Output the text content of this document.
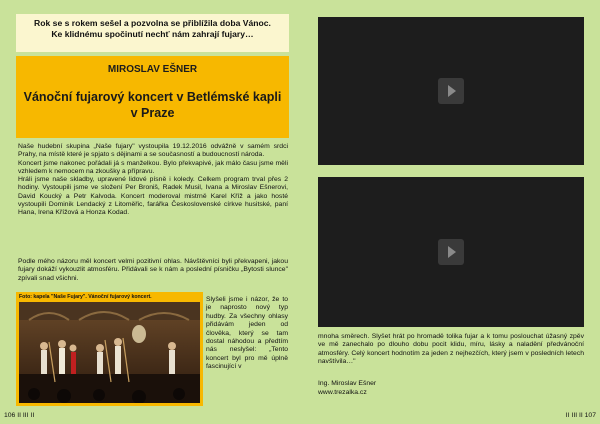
Rok se s rokem sešel a pozvolna se přiblížila doba Vánoc.
Ke klidnému spočinutí nechť nám zahrají fujary…
MIROSLAV EŠNER
Vánoční fujarový koncert v Betlémské kapli v Praze

Naše hudební skupina „Naše fujary" vystoupila 19.12.2016 odvážně v samém srdci Prahy, na místě které je spjato s dějinami a se současností a budoucností národa.

Koncert jsme nakonec pořádali já s manželkou. Bylo překvapivé, jak málo času jsme měli vzhledem k nemocem na zkoušky a přípravu.

Hráli jsme naše skladby, upravené lidové písně i koledy. Celkem program trval přes 2 hodiny. Vystoupili jsme ve složení Per Broniš, Radek Musil, Ivana a Miroslav Ešnerovi, David Koucký a Petr Kalvoda. Koncert moderoval mistrně Karel Kříž a jako hosté vystoupili Dominik Lendacký z Litoměřic, farářka Československé církve husitské, paní Hana, Irena Křížová a Honza Kodad.

Podle mého názoru měl koncert velmi pozitivní ohlas. Návštěvníci byli překvapeni, jakou fujary dokáží vykouzlit atmosféru. Přidávali se k nám a poslední písničku „Bytosti slunce" zpívali snad všichni.

Foto: kapela "Naše Fujary". Vánoční fujarový koncert.	Slyšeli jsme i názor, že to je naprosto nový typ hudby. Za všechny ohlasy přidávám jeden od člověka, který se tam dostal náhodou a předtím nás neslyšel: „Tento koncert byl pro mě úplně fascinující v
mnoha směrech. Slyšet hrát po hromadě tolika fujar a k tomu poslouchat úžasný zpěv ve mě zanechalo po dlouho dobu pocit klidu, míru, lásky a naladění předvánoční atmosféry. Celý koncert hodnotím za jeden z nejhezčích, který jsem v posledních letech navštívila…"
Ing. Miroslav Ešner
www.trezalka.cz
106 II III II	II III II 107
